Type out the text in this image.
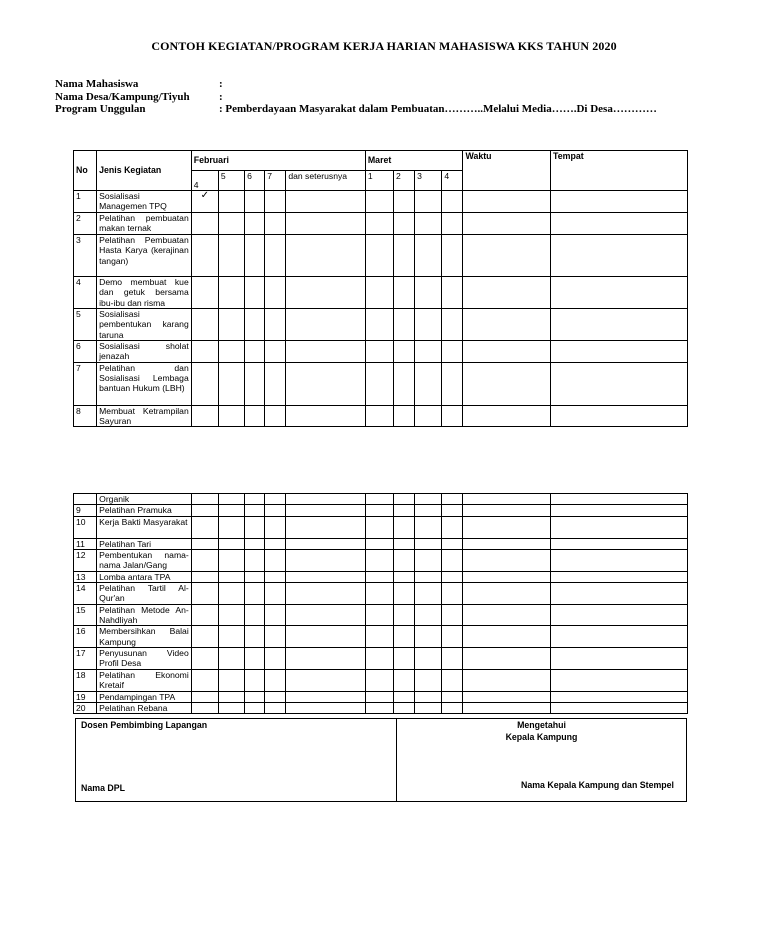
CONTOH KEGIATAN/PROGRAM KERJA HARIAN MAHASISWA KKS TAHUN 2020
Nama Mahasiswa	:
Nama Desa/Kampung/Tiyuh	:
Program Unggulan	: Pemberdayaan Masyarakat dalam Pembuatan………..Melalui Media…….Di Desa…………
No	Jenis Kegiatan	Februari					Maret				Waktu	Tempat
		4	5	6	7	dan seterusnya	1	2	3	4		
1	Sosialisasi Managemen TPQ	✓										
2	Pelatihan pembuatan makan ternak											
3	Pelatihan Pembuatan Hasta Karya (kerajinan tangan)											
4	Demo membuat kue dan getuk bersama ibu-ibu dan risma											
5	Sosialisasi pembentukan karang taruna											
6	Sosialisasi sholat jenazah											
7	Pelatihan dan Sosialisasi Lembaga bantuan Hukum (LBH)											
8	Membuat Ketrampilan Sayuran											
	Organik											
9	Pelatihan Pramuka											
10	Kerja Bakti Masyarakat											
11	Pelatihan Tari											
12	Pembentukan nama-nama Jalan/Gang											
13	Lomba antara TPA											
14	Pelatihan Tartil Al-Qur'an											
15	Pelatihan Metode An-Nahdliyah											
16	Membersihkan Balai Kampung											
17	Penyusunan Video Profil Desa											
18	Pelatihan Ekonomi Kretaif											
19	Pendampingan TPA											
20	Pelatihan Rebana											
Dosen Pembimbing Lapangan
Nama DPL
Mengetahui
Kepala Kampung
Nama Kepala Kampung dan Stempel
